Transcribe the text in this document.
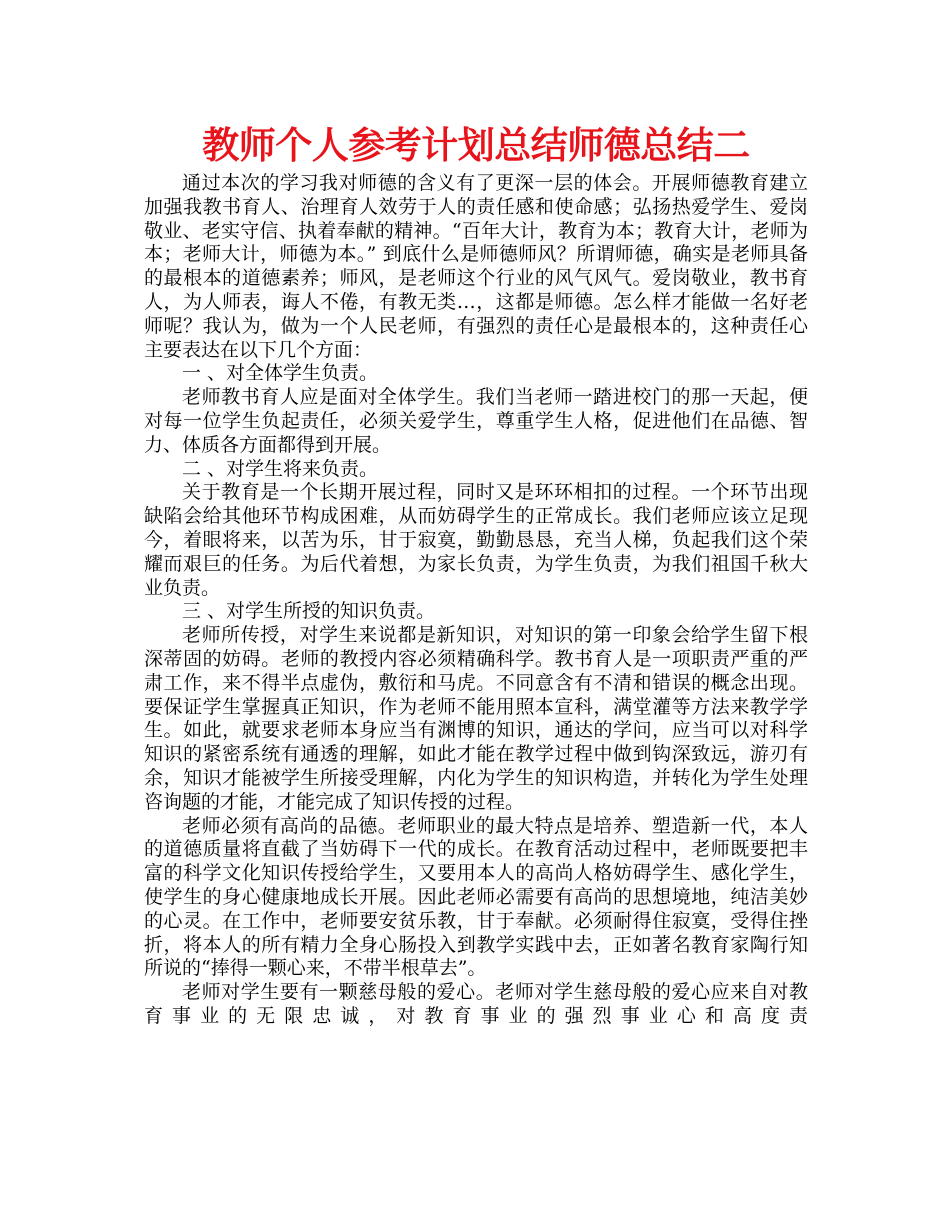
教师个人参考计划总结师德总结二

通过本次的学习我对师德的含义有了更深一层的体会。开展师德教育建立加强我教书育人、治理育人效劳于人的责任感和使命感；弘扬热爱学生、爱岗敬业、老实守信、执着奉献的精神。“百年大计，教育为本；教育大计，老师为本；老师大计，师德为本。” 到底什么是师德师风？所谓师德，确实是老师具备的最根本的道德素养；师风，是老师这个行业的风气风气。爱岗敬业，教书育人，为人师表，诲人不倦，有教无类…，这都是师德。怎么样才能做一名好老师呢？我认为，做为一个人民老师，有强烈的责任心是最根本的，这种责任心主要表达在以下几个方面：

一 、对全体学生负责。

老师教书育人应是面对全体学生。我们当老师一踏进校门的那一天起，便对每一位学生负起责任，必须关爱学生，尊重学生人格，促进他们在品德、智力、体质各方面都得到开展。

二 、对学生将来负责。

关于教育是一个长期开展过程，同时又是环环相扣的过程。一个环节出现缺陷会给其他环节构成困难，从而妨碍学生的正常成长。我们老师应该立足现今，着眼将来，以苦为乐，甘于寂寞，勤勤恳恳，充当人梯，负起我们这个荣耀而艰巨的任务。为后代着想，为家长负责，为学生负责，为我们祖国千秋大业负责。

三 、对学生所授的知识负责。

老师所传授，对学生来说都是新知识，对知识的第一印象会给学生留下根深蒂固的妨碍。老师的教授内容必须精确科学。教书育人是一项职责严重的严肃工作，来不得半点虚伪，敷衍和马虎。不同意含有不清和错误的概念出现。要保证学生掌握真正知识，作为老师不能用照本宣科，满堂灌等方法来教学学生。如此，就要求老师本身应当有渊博的知识，通达的学问，应当可以对科学知识的紧密系统有通透的理解，如此才能在教学过程中做到钩深致远，游刃有余，知识才能被学生所接受理解，内化为学生的知识构造，并转化为学生处理咨询题的才能，才能完成了知识传授的过程。

老师必须有高尚的品德。老师职业的最大特点是培养、塑造新一代，本人的道德质量将直截了当妨碍下一代的成长。在教育活动过程中，老师既要把丰富的科学文化知识传授给学生，又要用本人的高尚人格妨碍学生、感化学生，使学生的身心健康地成长开展。因此老师必需要有高尚的思想境地，纯洁美妙的心灵。在工作中，老师要安贫乐教，甘于奉献。必须耐得住寂寞，受得住挫折，将本人的所有精力全身心肠投入到教学实践中去，正如著名教育家陶行知所说的“捧得一颗心来，不带半根草去”。

老师对学生要有一颗慈母般的爱心。老师对学生慈母般的爱心应来自对教育事业的无限忠诚，对教育事业的强烈事业心和高度责
